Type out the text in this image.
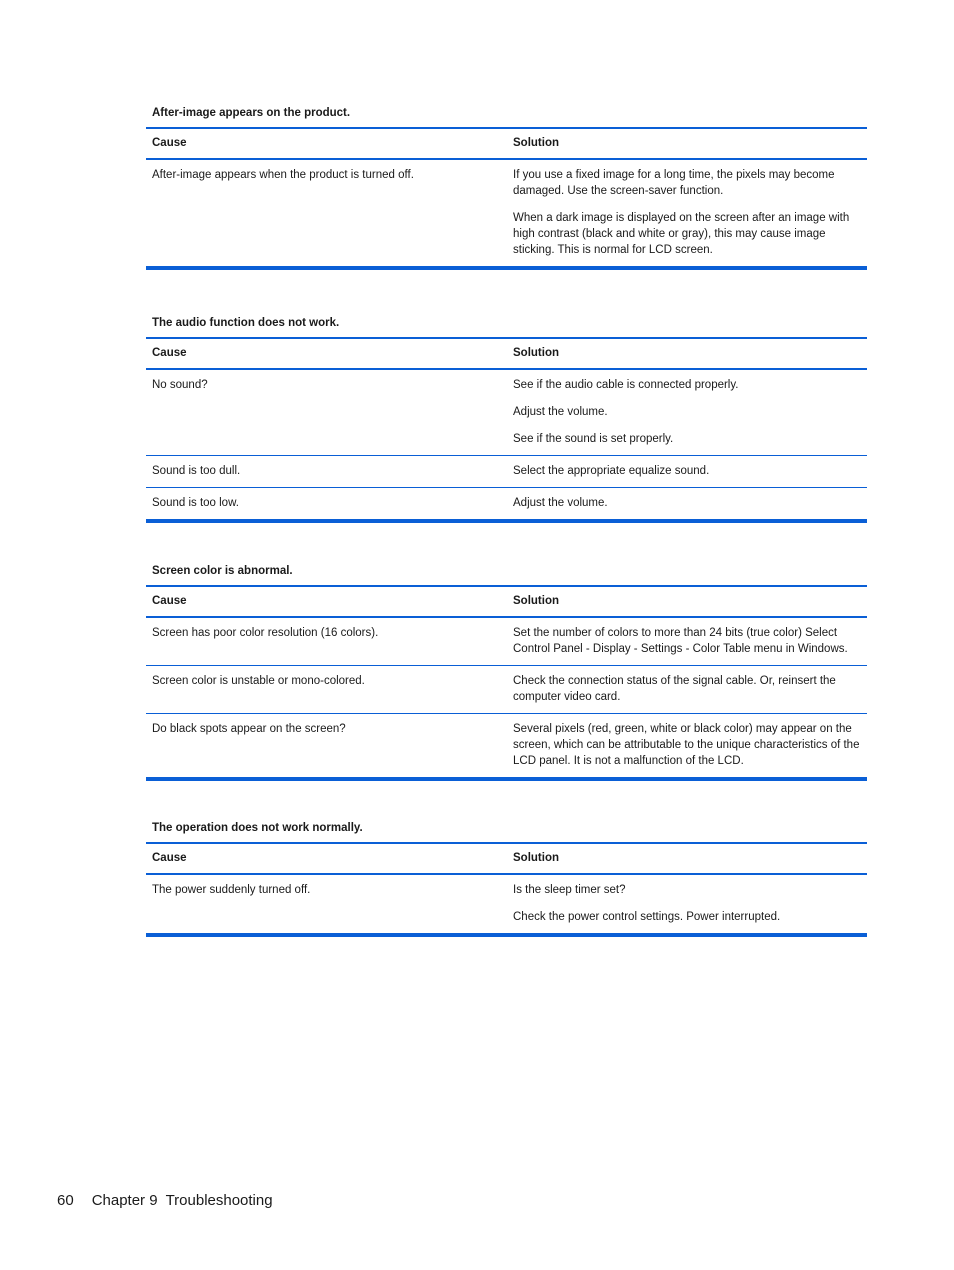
After-image appears on the product.
Cause	Solution
After-image appears when the product is turned off.	If you use a fixed image for a long time, the pixels may become damaged. Use the screen-saver function.

When a dark image is displayed on the screen after an image with high contrast (black and white or gray), this may cause image sticking. This is normal for LCD screen.

The audio function does not work.
Cause	Solution
No sound?	See if the audio cable is connected properly.

Adjust the volume.

See if the sound is set properly.

Sound is too dull.	Select the appropriate equalize sound.

Sound is too low.	Adjust the volume.

Screen color is abnormal.
Cause	Solution
Screen has poor color resolution (16 colors).	Set the number of colors to more than 24 bits (true color) Select Control Panel - Display - Settings - Color Table menu in Windows.

Screen color is unstable or mono-colored.	Check the connection status of the signal cable. Or, reinsert the computer video card.

Do black spots appear on the screen?	Several pixels (red, green, white or black color) may appear on the screen, which can be attributable to the unique characteristics of the LCD panel. It is not a malfunction of the LCD.

The operation does not work normally.
Cause	Solution
The power suddenly turned off.	Is the sleep timer set?

Check the power control settings. Power interrupted.

60 Chapter 9 Troubleshooting
